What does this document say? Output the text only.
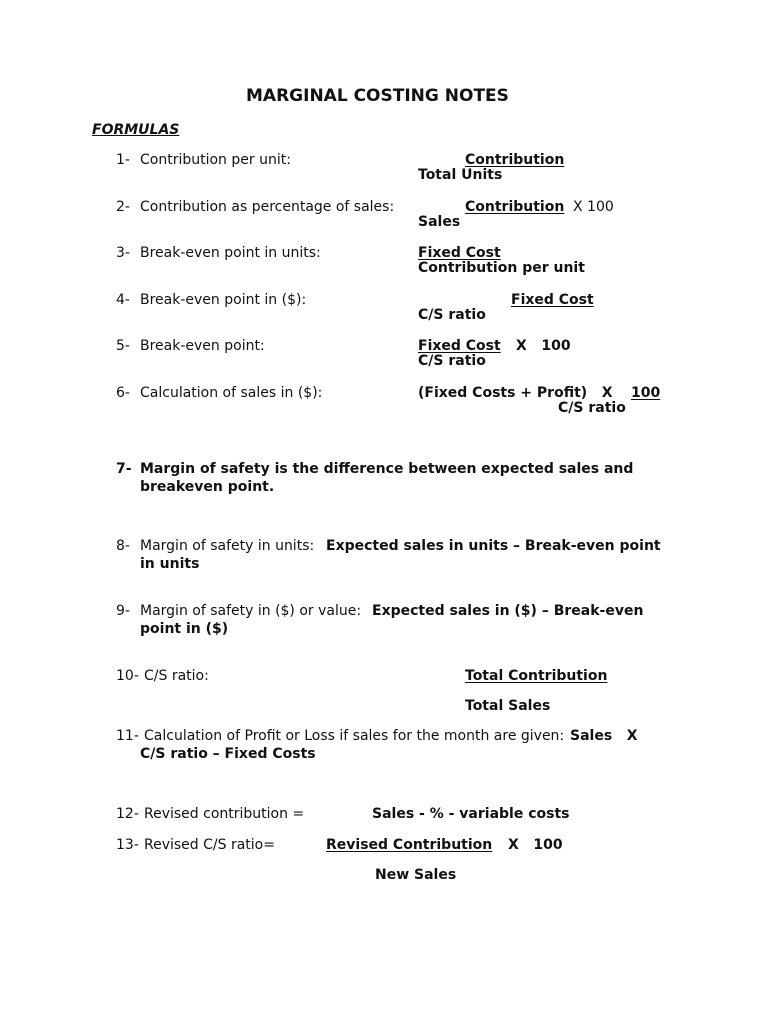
MARGINAL COSTING NOTES
FORMULAS
1- Contribution per unit:	Contribution
Total Units
2- Contribution as percentage of sales:	Contribution X 100
Sales
3- Break-even point in units:	Fixed Cost
Contribution per unit
4- Break-even point in ($):	Fixed Cost
C/S ratio
5- Break-even point:	Fixed Cost X   100
C/S ratio
6- Calculation of sales in ($):	(Fixed Costs + Profit)   X 100
C/S ratio
7- Margin of safety is the difference between expected sales and
breakeven point.
8- Margin of safety in units: Expected sales in units – Break-even point
in units
9- Margin of safety in ($) or value: Expected sales in ($) – Break-even
point in ($)
10- C/S ratio:	Total Contribution
Total Sales
11- Calculation of Profit or Loss if sales for the month are given: Sales   X
C/S ratio – Fixed Costs
12- Revised contribution =	Sales - % - variable costs
13- Revised C/S ratio=	Revised Contribution X   100
New Sales
